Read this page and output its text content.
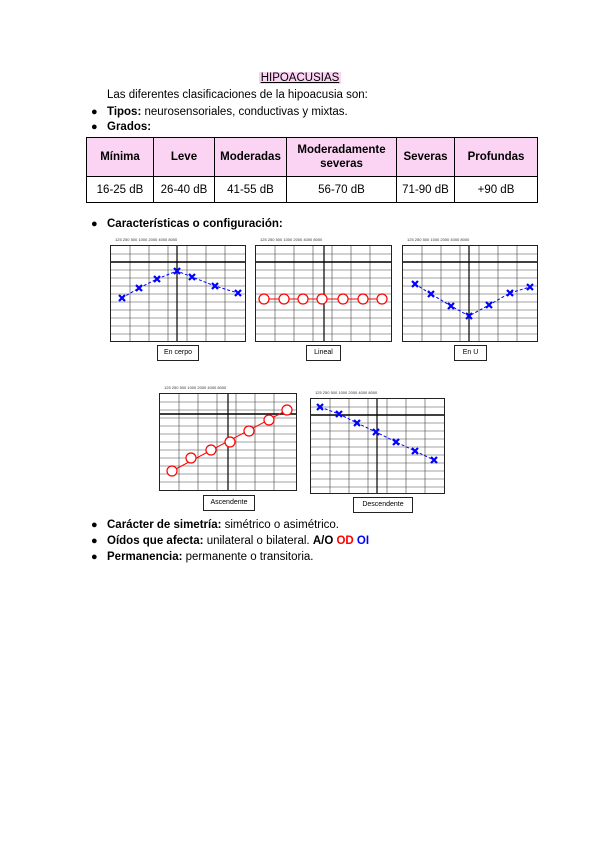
HIPOACUSIAS
Las diferentes clasificaciones de la hipoacusia son:
● Tipos: neurosensoriales, conductivas y mixtas.
● Grados:
Mínima	Leve	Moderadas	Moderadamente severas	Severas	Profundas
16-25 dB	26-40 dB	41-55 dB	56-70 dB	71-90 dB	+90 dB
● Características o configuración:
125 250 500 1000 2000 4000 8000
En cerpo
125 250 500 1000 2000 4000 8000
Lineal
125 250 500 1000 2000 4000 8000
En U
125 250 500 1000 2000 4000 8000
Ascendente
125 250 500 1000 2000 4000 8000
Descendente
● Carácter de simetría: simétrico o asimétrico.
● Oídos que afecta: unilateral o bilateral. A/O OD OI
● Permanencia: permanente o transitoria.
